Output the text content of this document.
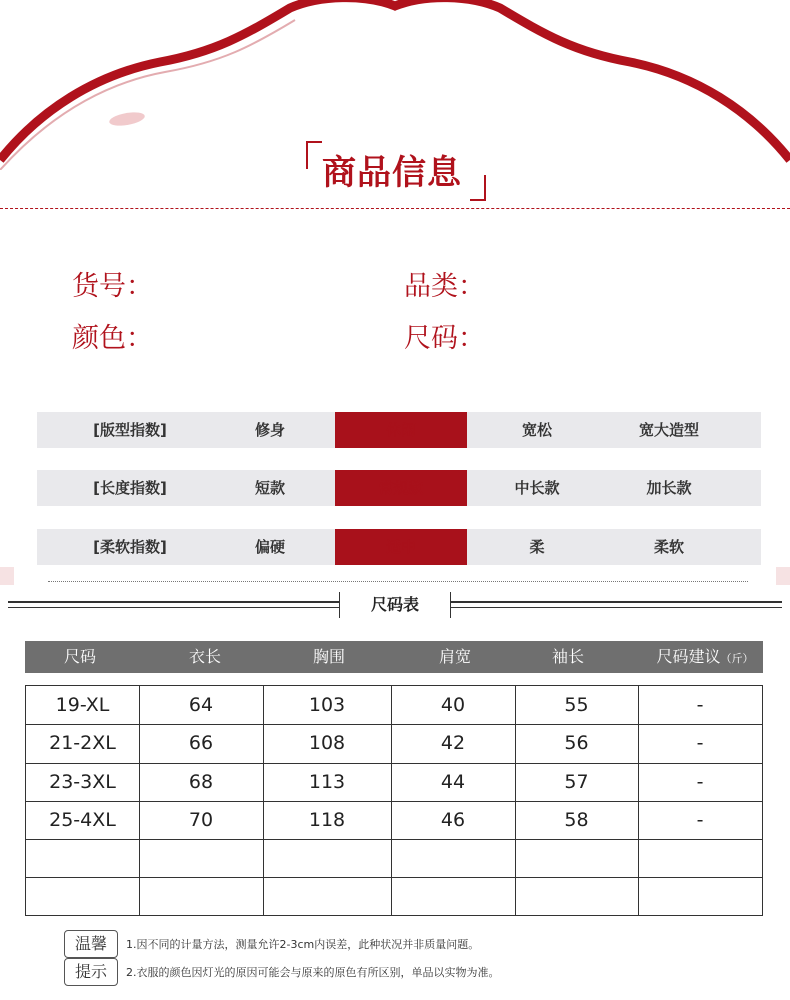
商品信息
货号：	品类：
颜色：	尺码：
[版型指数]	修身	休闲	宽松	宽大造型
[长度指数]	短款	常规款	中长款	加长款
[柔软指数]	偏硬	适中	柔	柔软
尺码表
尺码	衣长	胸围	肩宽	袖长	尺码建议（斤）
19-XL	64	103	40	55	-
21-2XL	66	108	42	56	-
23-3XL	68	113	44	57	-
25-4XL	70	118	46	58	-
温馨
提示
1.因不同的计量方法，测量允许2-3cm内误差，此种状况并非质量问题。
2.衣服的颜色因灯光的原因可能会与原来的原色有所区别，单品以实物为准。
